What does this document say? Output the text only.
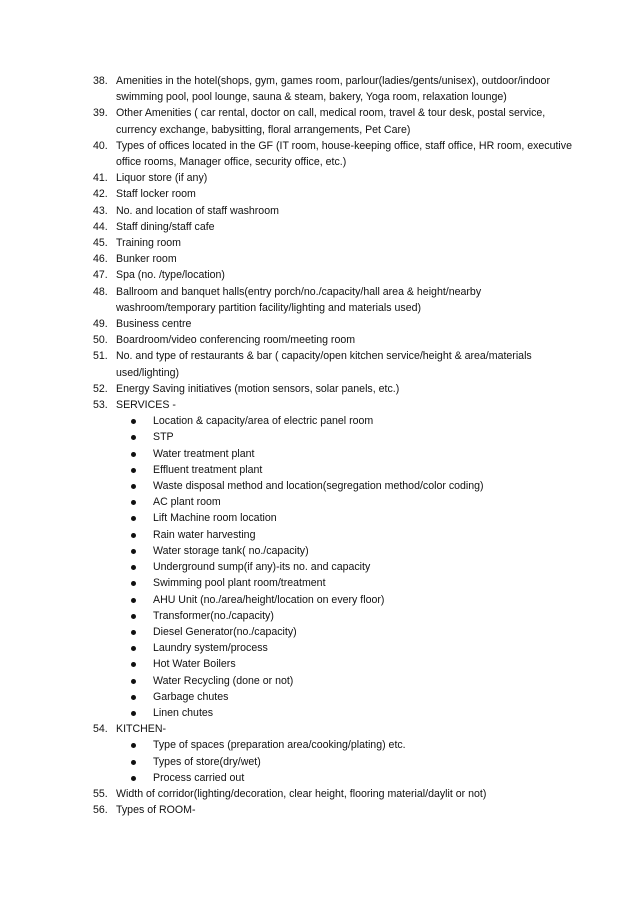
38. Amenities in the hotel(shops, gym, games room, parlour(ladies/gents/unisex), outdoor/indoor swimming pool, pool lounge, sauna & steam, bakery, Yoga room, relaxation lounge)
39. Other Amenities ( car rental, doctor on call, medical room, travel & tour desk, postal service, currency exchange, babysitting, floral arrangements, Pet Care)
40. Types of offices located in the GF (IT room, house-keeping office, staff office, HR room, executive office rooms, Manager office, security office, etc.)
41. Liquor store (if any)
42. Staff locker room
43. No. and location of staff washroom
44. Staff dining/staff cafe
45. Training room
46. Bunker room
47. Spa (no. /type/location)
48. Ballroom and banquet halls(entry porch/no./capacity/hall area & height/nearby washroom/temporary partition facility/lighting and materials used)
49. Business centre
50. Boardroom/video conferencing room/meeting room
51. No. and type of restaurants & bar ( capacity/open kitchen service/height & area/materials used/lighting)
52. Energy Saving initiatives (motion sensors, solar panels, etc.)
53. SERVICES -
Location & capacity/area of electric panel room
STP
Water treatment plant
Effluent treatment plant
Waste disposal method and location(segregation method/color coding)
AC plant room
Lift Machine room location
Rain water harvesting
Water storage tank( no./capacity)
Underground sump(if any)-its no. and capacity
Swimming pool plant room/treatment
AHU Unit (no./area/height/location on every floor)
Transformer(no./capacity)
Diesel Generator(no./capacity)
Laundry system/process
Hot Water Boilers
Water Recycling (done or not)
Garbage chutes
Linen chutes
54. KITCHEN-
Type of spaces (preparation area/cooking/plating) etc.
Types of store(dry/wet)
Process carried out
55. Width of corridor(lighting/decoration, clear height, flooring material/daylit or not)
56. Types of ROOM-
